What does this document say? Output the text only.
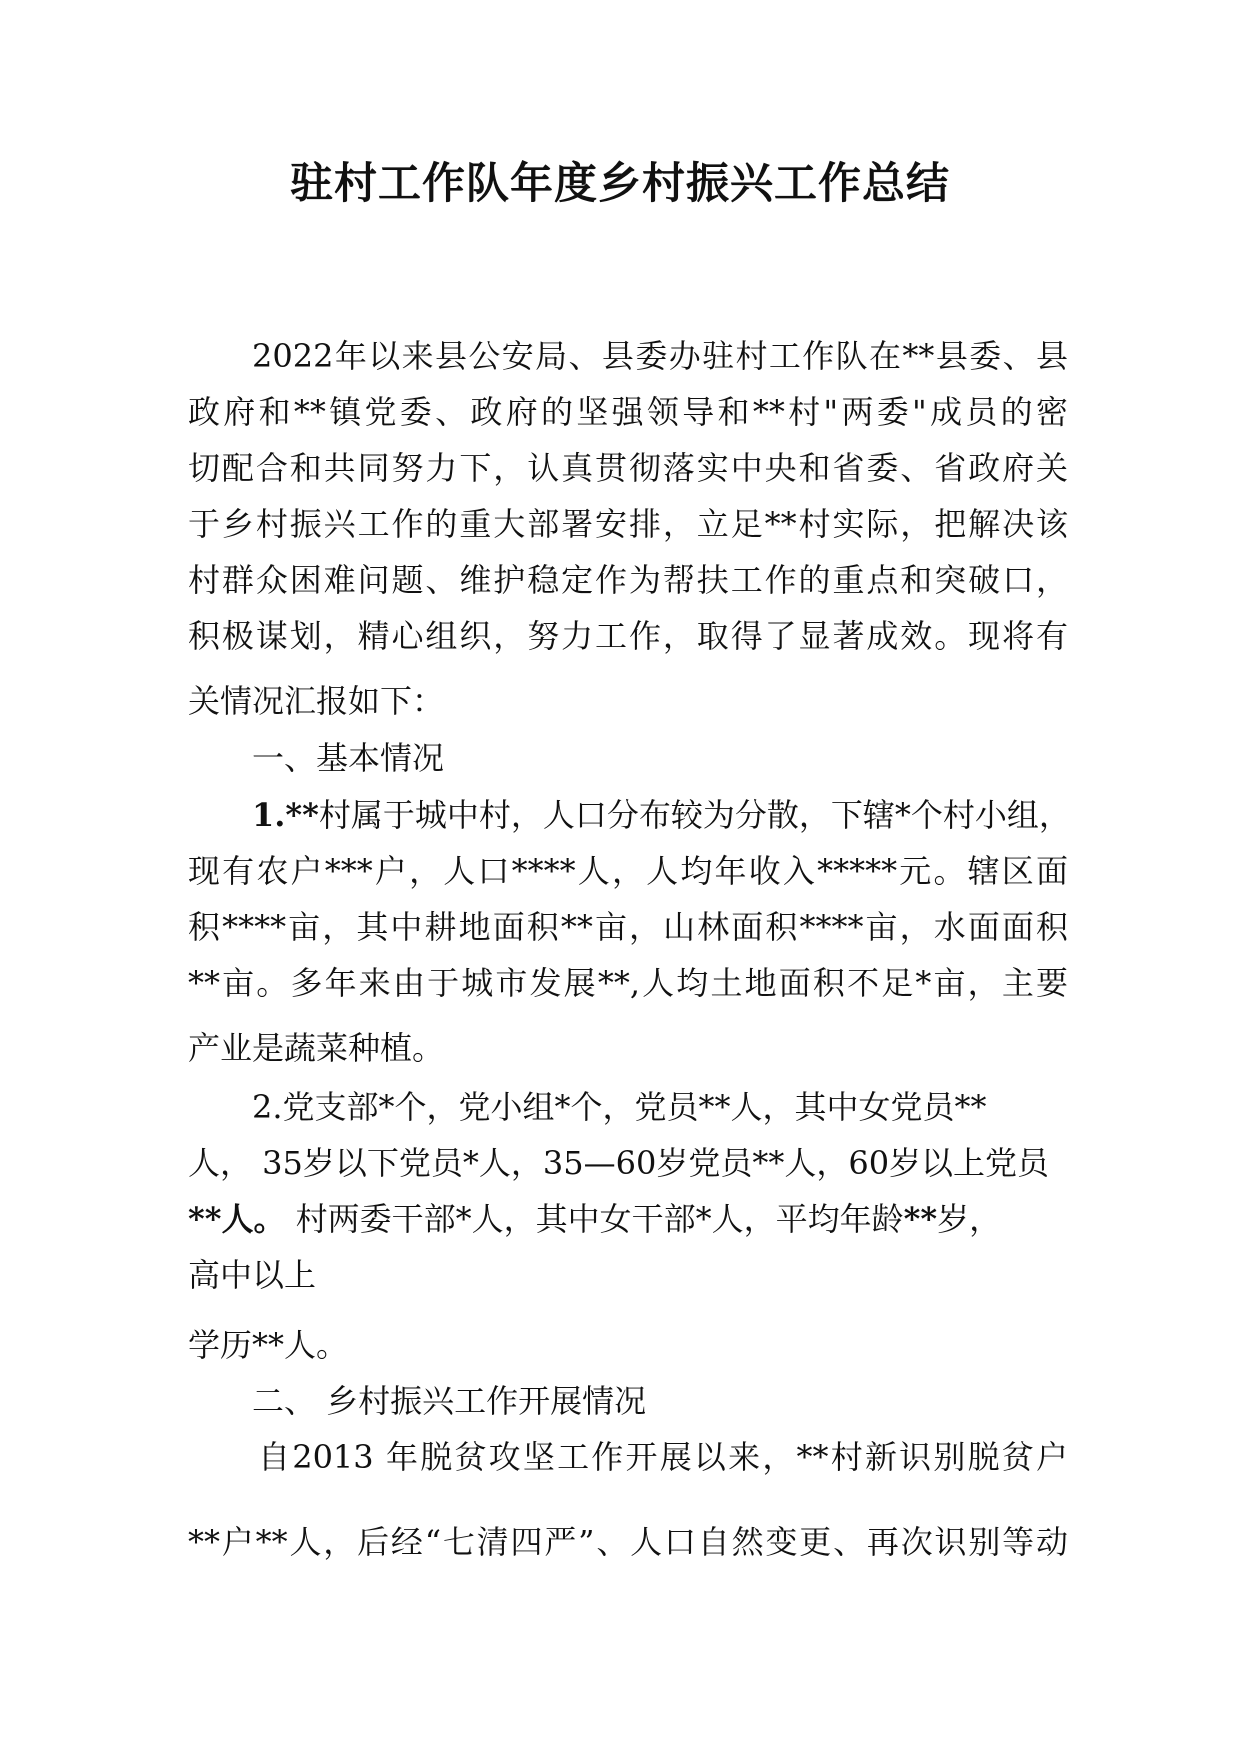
驻村工作队年度乡村振兴工作总结
2022年以来县公安局、县委办驻村工作队在**县委、县
政府和**镇党委、政府的坚强领导和**村"两委"成员的密
切配合和共同努力下，认真贯彻落实中央和省委、省政府关
于乡村振兴工作的重大部署安排，立足**村实际，把解决该
村群众困难问题、维护稳定作为帮扶工作的重点和突破口，
积极谋划，精心组织，努力工作，取得了显著成效。现将有
关情况汇报如下：
一、基本情况
1.**村属于城中村，人口分布较为分散，下辖*个村小组，
现有农户***户，人口****人，人均年收入*****元。辖区面
积****亩，其中耕地面积**亩，山林面积****亩，水面面积
**亩。多年来由于城市发展**,人均土地面积不足*亩，主要
产业是蔬菜种植。
2.党支部*个，党小组*个，党员**人，其中女党员**
人， 35岁以下党员*人，35—60岁党员**人，60岁以上党员
**人。 村两委干部*人，其中女干部*人，平均年龄**岁，
高中以上
学历**人。
二、 乡村振兴工作开展情况
自2013 年脱贫攻坚工作开展以来，**村新识别脱贫户
**户**人，后经“七清四严”、人口自然变更、再次识别等动
